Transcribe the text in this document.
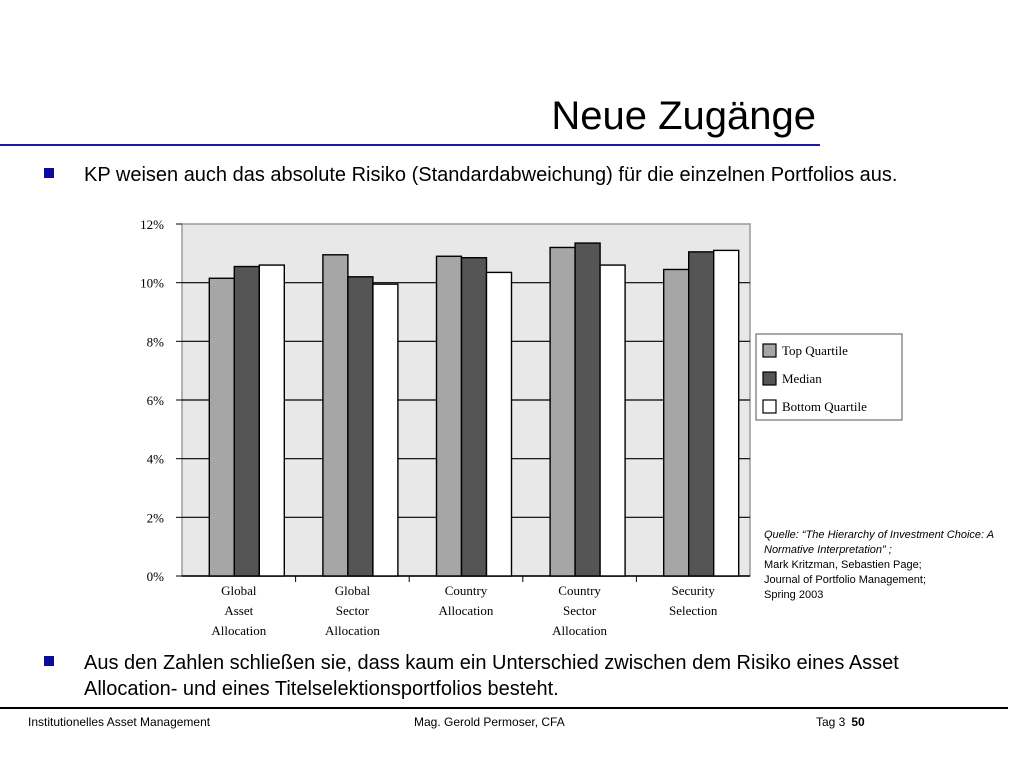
Neue Zugänge
KP weisen auch das absolute Risiko (Standardabweichung) für die einzelnen Portfolios aus.
0%
2%
4%
6%
8%
10%
12%
Global
Asset
Allocation
Global
Sector
Allocation
Country
Allocation
Country
Sector
Allocation
Security
Selection
Top Quartile
Median
Bottom Quartile
Quelle: “The Hierarchy of Investment Choice: A Normative Interpretation” ;
Mark Kritzman, Sebastien Page;
Journal of Portfolio Management;
Spring 2003
Aus den Zahlen schließen sie, dass kaum ein Unterschied zwischen dem Risiko eines Asset Allocation- und eines Titelselektionsportfolios besteht.
Institutionelles Asset Management	Mag. Gerold Permoser, CFA	Tag 3 50
